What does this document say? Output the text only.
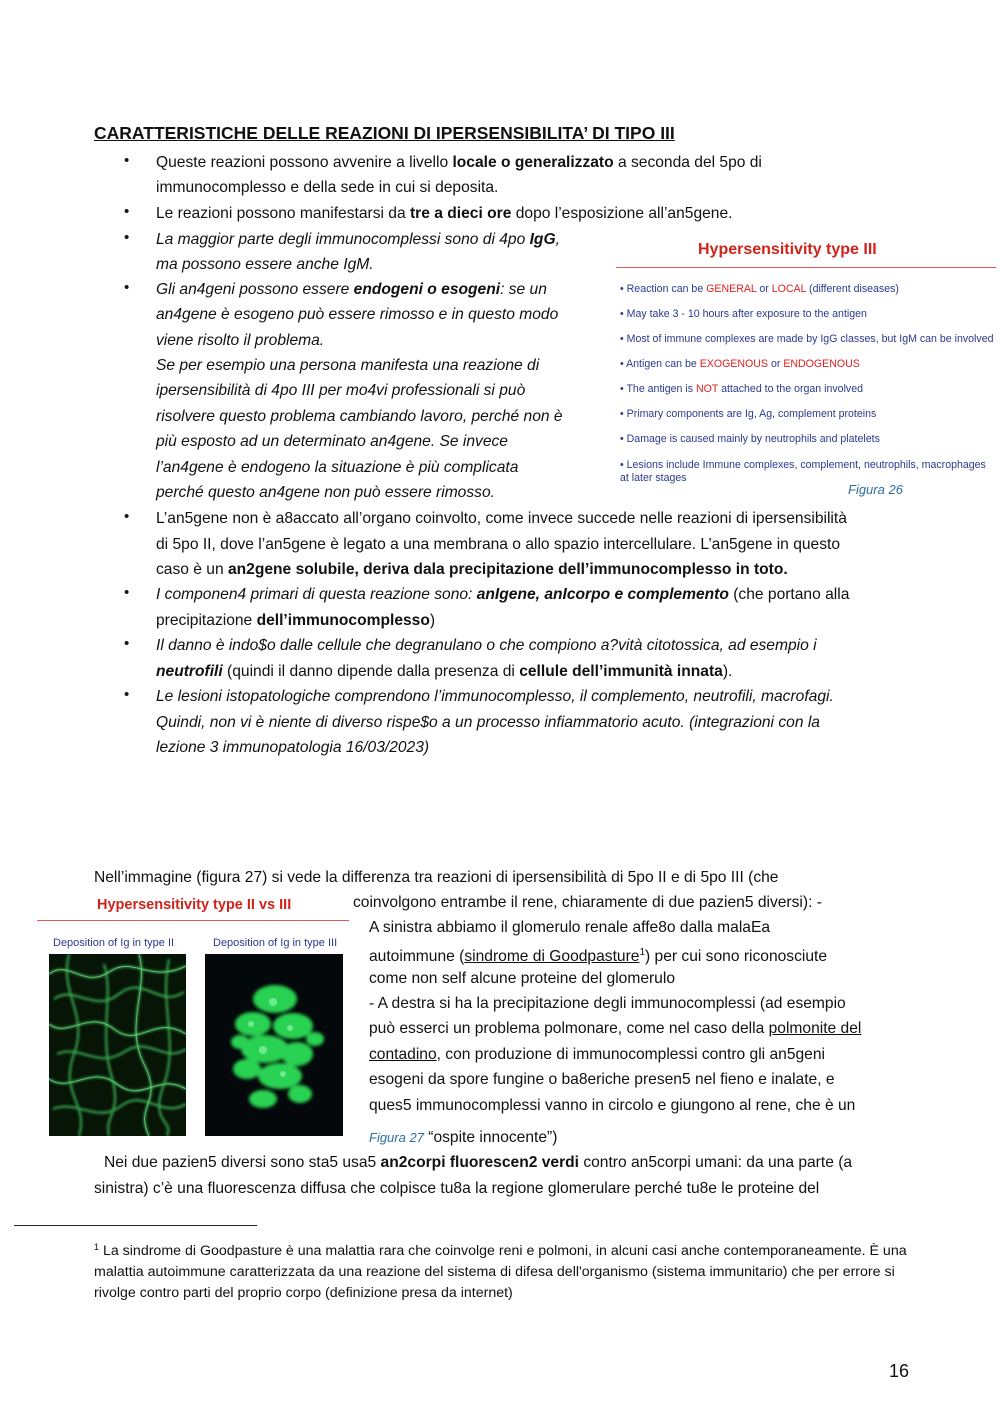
CARATTERISTICHE DELLE REAZIONI DI IPERSENSIBILITA’ DI TIPO III
• Queste reazioni possono avvenire a livello locale o generalizzato a seconda del 5po di
immunocomplesso e della sede in cui si deposita.
• Le reazioni possono manifestarsi da tre a dieci ore dopo l’esposizione all’an5gene.
• La maggior parte degli immunocomplessi sono di 4po IgG,
ma possono essere anche IgM.
• Gli an4geni possono essere endogeni o esogeni: se un
an4gene è esogeno può essere rimosso e in questo modo
viene risolto il problema.
Se per esempio una persona manifesta una reazione di
ipersensibilità di 4po III per mo4vi professionali si può
risolvere questo problema cambiando lavoro, perché non è
più esposto ad un determinato an4gene. Se invece
l’an4gene è endogeno la situazione è più complicata
perché questo an4gene non può essere rimosso.
Hypersensitivity type III
• Reaction can be GENERAL or LOCAL (different diseases)
• May take 3 - 10 hours after exposure to the antigen
• Most of immune complexes are made by IgG classes, but IgM can be involved
• Antigen can be EXOGENOUS or ENDOGENOUS
• The antigen is NOT attached to the organ involved
• Primary components are Ig, Ag, complement proteins
• Damage is caused mainly by neutrophils and platelets
• Lesions include Immune complexes, complement, neutrophils, macrophages
at later stages
Figura 26
• L’an5gene non è a8accato all’organo coinvolto, come invece succede nelle reazioni di ipersensibilità
di 5po II, dove l’an5gene è legato a una membrana o allo spazio intercellulare. L’an5gene in questo
caso è un an2gene solubile, deriva dala precipitazione dell’immunocomplesso in toto.
• I componen4 primari di questa reazione sono: anIgene, anIcorpo e complemento (che portano alla
precipitazione dell’immunocomplesso)
• Il danno è indo$o dalle cellule che degranulano o che compiono a?vità citotossica, ad esempio i
neutrofili (quindi il danno dipende dalla presenza di cellule dell’immunità innata).
• Le lesioni istopatologiche comprendono l’immunocomplesso, il complemento, neutrofili, macrofagi.
Quindi, non vi è niente di diverso rispe$o a un processo infiammatorio acuto. (integrazioni con la
lezione 3 immunopatologia 16/03/2023)
Nell’immagine (figura 27) si vede la differenza tra reazioni di ipersensibilità di 5po II e di 5po III (che
coinvolgono entrambe il rene, chiaramente di due pazien5 diversi): -
A sinistra abbiamo il glomerulo renale affe8o dalla malaEa
autoimmune (sindrome di Goodpasture$^1$) per cui sono riconosciute
come non self alcune proteine del glomerulo
- A destra si ha la precipitazione degli immunocomplessi (ad esempio
può esserci un problema polmonare, come nel caso della polmonite del
contadino, con produzione di immunocomplessi contro gli an5geni
esogeni da spore fungine o ba8eriche presen5 nel fieno e inalate, e
ques5 immunocomplessi vanno in circolo e giungono al rene, che è un
Figura 27 “ospite innocente”)
Nei due pazien5 diversi sono sta5 usa5 an2corpi fluorescen2 verdi contro an5corpi umani: da una parte (a
sinistra) c’è una fluorescenza diffusa che colpisce tu8a la regione glomerulare perché tu8e le proteine del
Hypersensitivity type II vs III
Deposition of Ig in type II	Deposition of Ig in type III
$^1$ La sindrome di Goodpasture è una malattia rara che coinvolge reni e polmoni, in alcuni casi anche contemporaneamente. È una malattia autoimmune caratterizzata da una reazione del sistema di difesa dell'organismo (sistema immunitario) che per errore si rivolge contro parti del proprio corpo (definizione presa da internet)
16
